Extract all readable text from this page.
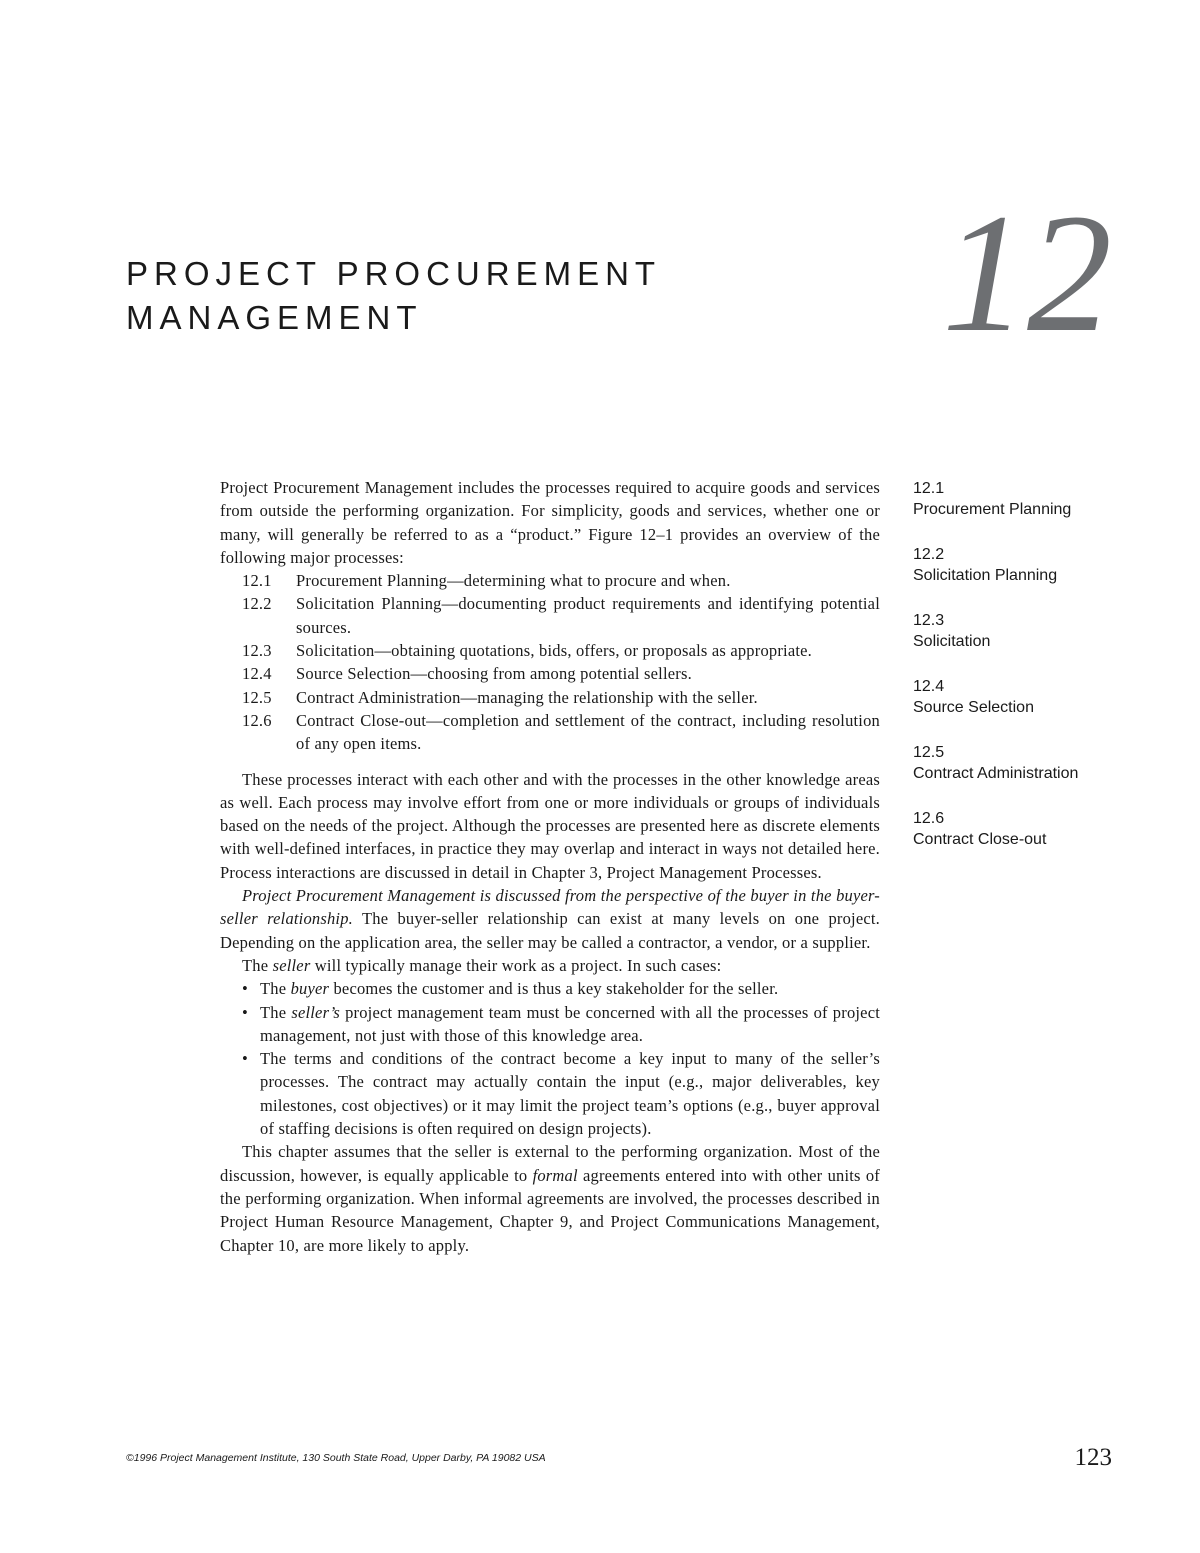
PROJECT PROCUREMENT
MANAGEMENT	12

Project Procurement Management includes the processes required to acquire goods and services from outside the performing organization. For simplicity, goods and services, whether one or many, will generally be referred to as a “product.” Figure 12–1 provides an overview of the following major processes:

12.1 Procurement Planning—determining what to procure and when.
12.2 Solicitation Planning—documenting product requirements and identifying potential sources.
12.3 Solicitation—obtaining quotations, bids, offers, or proposals as appropriate.
12.4 Source Selection—choosing from among potential sellers.
12.5 Contract Administration—managing the relationship with the seller.
12.6 Contract Close-out—completion and settlement of the contract, including resolution of any open items.

These processes interact with each other and with the processes in the other knowledge areas as well. Each process may involve effort from one or more individuals or groups of individuals based on the needs of the project. Although the processes are presented here as discrete elements with well-defined interfaces, in practice they may overlap and interact in ways not detailed here. Process interactions are discussed in detail in Chapter 3, Project Management Processes.

Project Procurement Management is discussed from the perspective of the buyer in the buyer-seller relationship. The buyer-seller relationship can exist at many levels on one project. Depending on the application area, the seller may be called a contractor, a vendor, or a supplier.

The seller will typically manage their work as a project. In such cases:

• The buyer becomes the customer and is thus a key stakeholder for the seller.
• The seller’s project management team must be concerned with all the processes of project management, not just with those of this knowledge area.
• The terms and conditions of the contract become a key input to many of the seller’s processes. The contract may actually contain the input (e.g., major deliverables, key milestones, cost objectives) or it may limit the project team’s options (e.g., buyer approval of staffing decisions is often required on design projects).

This chapter assumes that the seller is external to the performing organization. Most of the discussion, however, is equally applicable to formal agreements entered into with other units of the performing organization. When informal agreements are involved, the processes described in Project Human Resource Management, Chapter 9, and Project Communications Management, Chapter 10, are more likely to apply.

12.1
Procurement Planning
12.2
Solicitation Planning
12.3
Solicitation
12.4
Source Selection
12.5
Contract Administration
12.6
Contract Close-out
©1996 Project Management Institute, 130 South State Road, Upper Darby, PA 19082 USA	123
